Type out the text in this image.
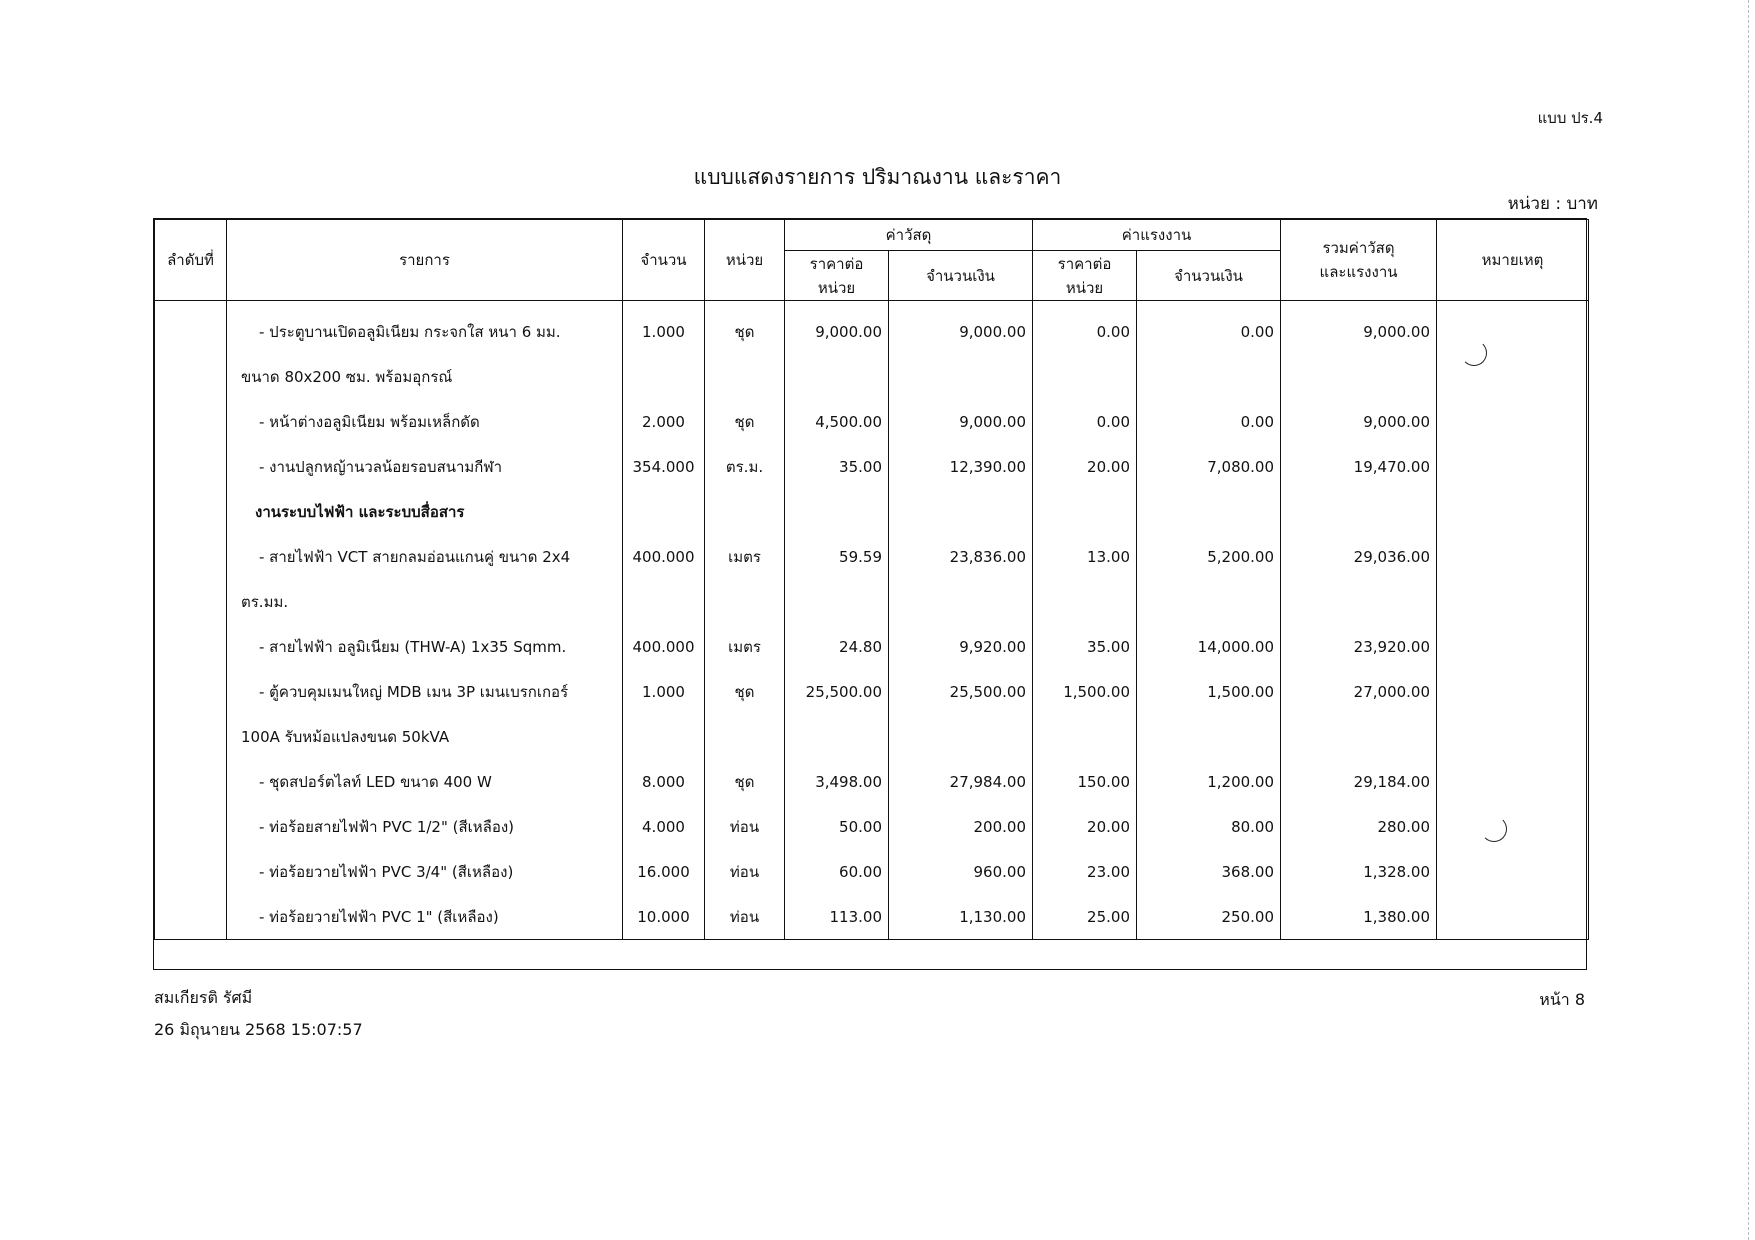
แบบ ปร.4
แบบแสดงรายการ ปริมาณงาน และราคา
หน่วย : บาท
ลำดับที่	รายการ	จำนวน	หน่วย	ค่าวัสดุ		ค่าแรงงาน		รวมค่าวัสดุ
และแรงงาน	หมายเหตุ
				ราคาต่อหน่วย	จำนวนเงิน	ราคาต่อหน่วย	จำนวนเงิน		

	- ประตูบานเปิดอลูมิเนียม กระจกใส หนา 6 มม.	1.000	ชุด	9,000.00	9,000.00	0.00	0.00	9,000.00	
	ขนาด 80x200 ซม. พร้อมอุกรณ์								
	- หน้าต่างอลูมิเนียม พร้อมเหล็กดัด	2.000	ชุด	4,500.00	9,000.00	0.00	0.00	9,000.00	
	- งานปลูกหญ้านวลน้อยรอบสนามกีฬา	354.000	ตร.ม.	35.00	12,390.00	20.00	7,080.00	19,470.00	
	งานระบบไฟฟ้า และระบบสื่อสาร								
	- สายไฟฟ้า VCT สายกลมอ่อนแกนคู่ ขนาด 2x4	400.000	เมตร	59.59	23,836.00	13.00	5,200.00	29,036.00	
	ตร.มม.								
	- สายไฟฟ้า อลูมิเนียม (THW-A) 1x35 Sqmm.	400.000	เมตร	24.80	9,920.00	35.00	14,000.00	23,920.00	
	- ตู้ควบคุมเมนใหญ่ MDB เมน 3P เมนเบรกเกอร์	1.000	ชุด	25,500.00	25,500.00	1,500.00	1,500.00	27,000.00	
	100A รับหม้อแปลงขนด 50kVA								
	- ชุดสปอร์ตไลท์ LED ขนาด 400 W	8.000	ชุด	3,498.00	27,984.00	150.00	1,200.00	29,184.00	
	- ท่อร้อยสายไฟฟ้า PVC 1/2" (สีเหลือง)	4.000	ท่อน	50.00	200.00	20.00	80.00	280.00	
	- ท่อร้อยวายไฟฟ้า PVC 3/4" (สีเหลือง)	16.000	ท่อน	60.00	960.00	23.00	368.00	1,328.00	
	- ท่อร้อยวายไฟฟ้า PVC 1" (สีเหลือง)	10.000	ท่อน	113.00	1,130.00	25.00	250.00	1,380.00	
สมเกียรติ รัศมี
26 มิถุนายน 2568 15:07:57
หน้า 8
